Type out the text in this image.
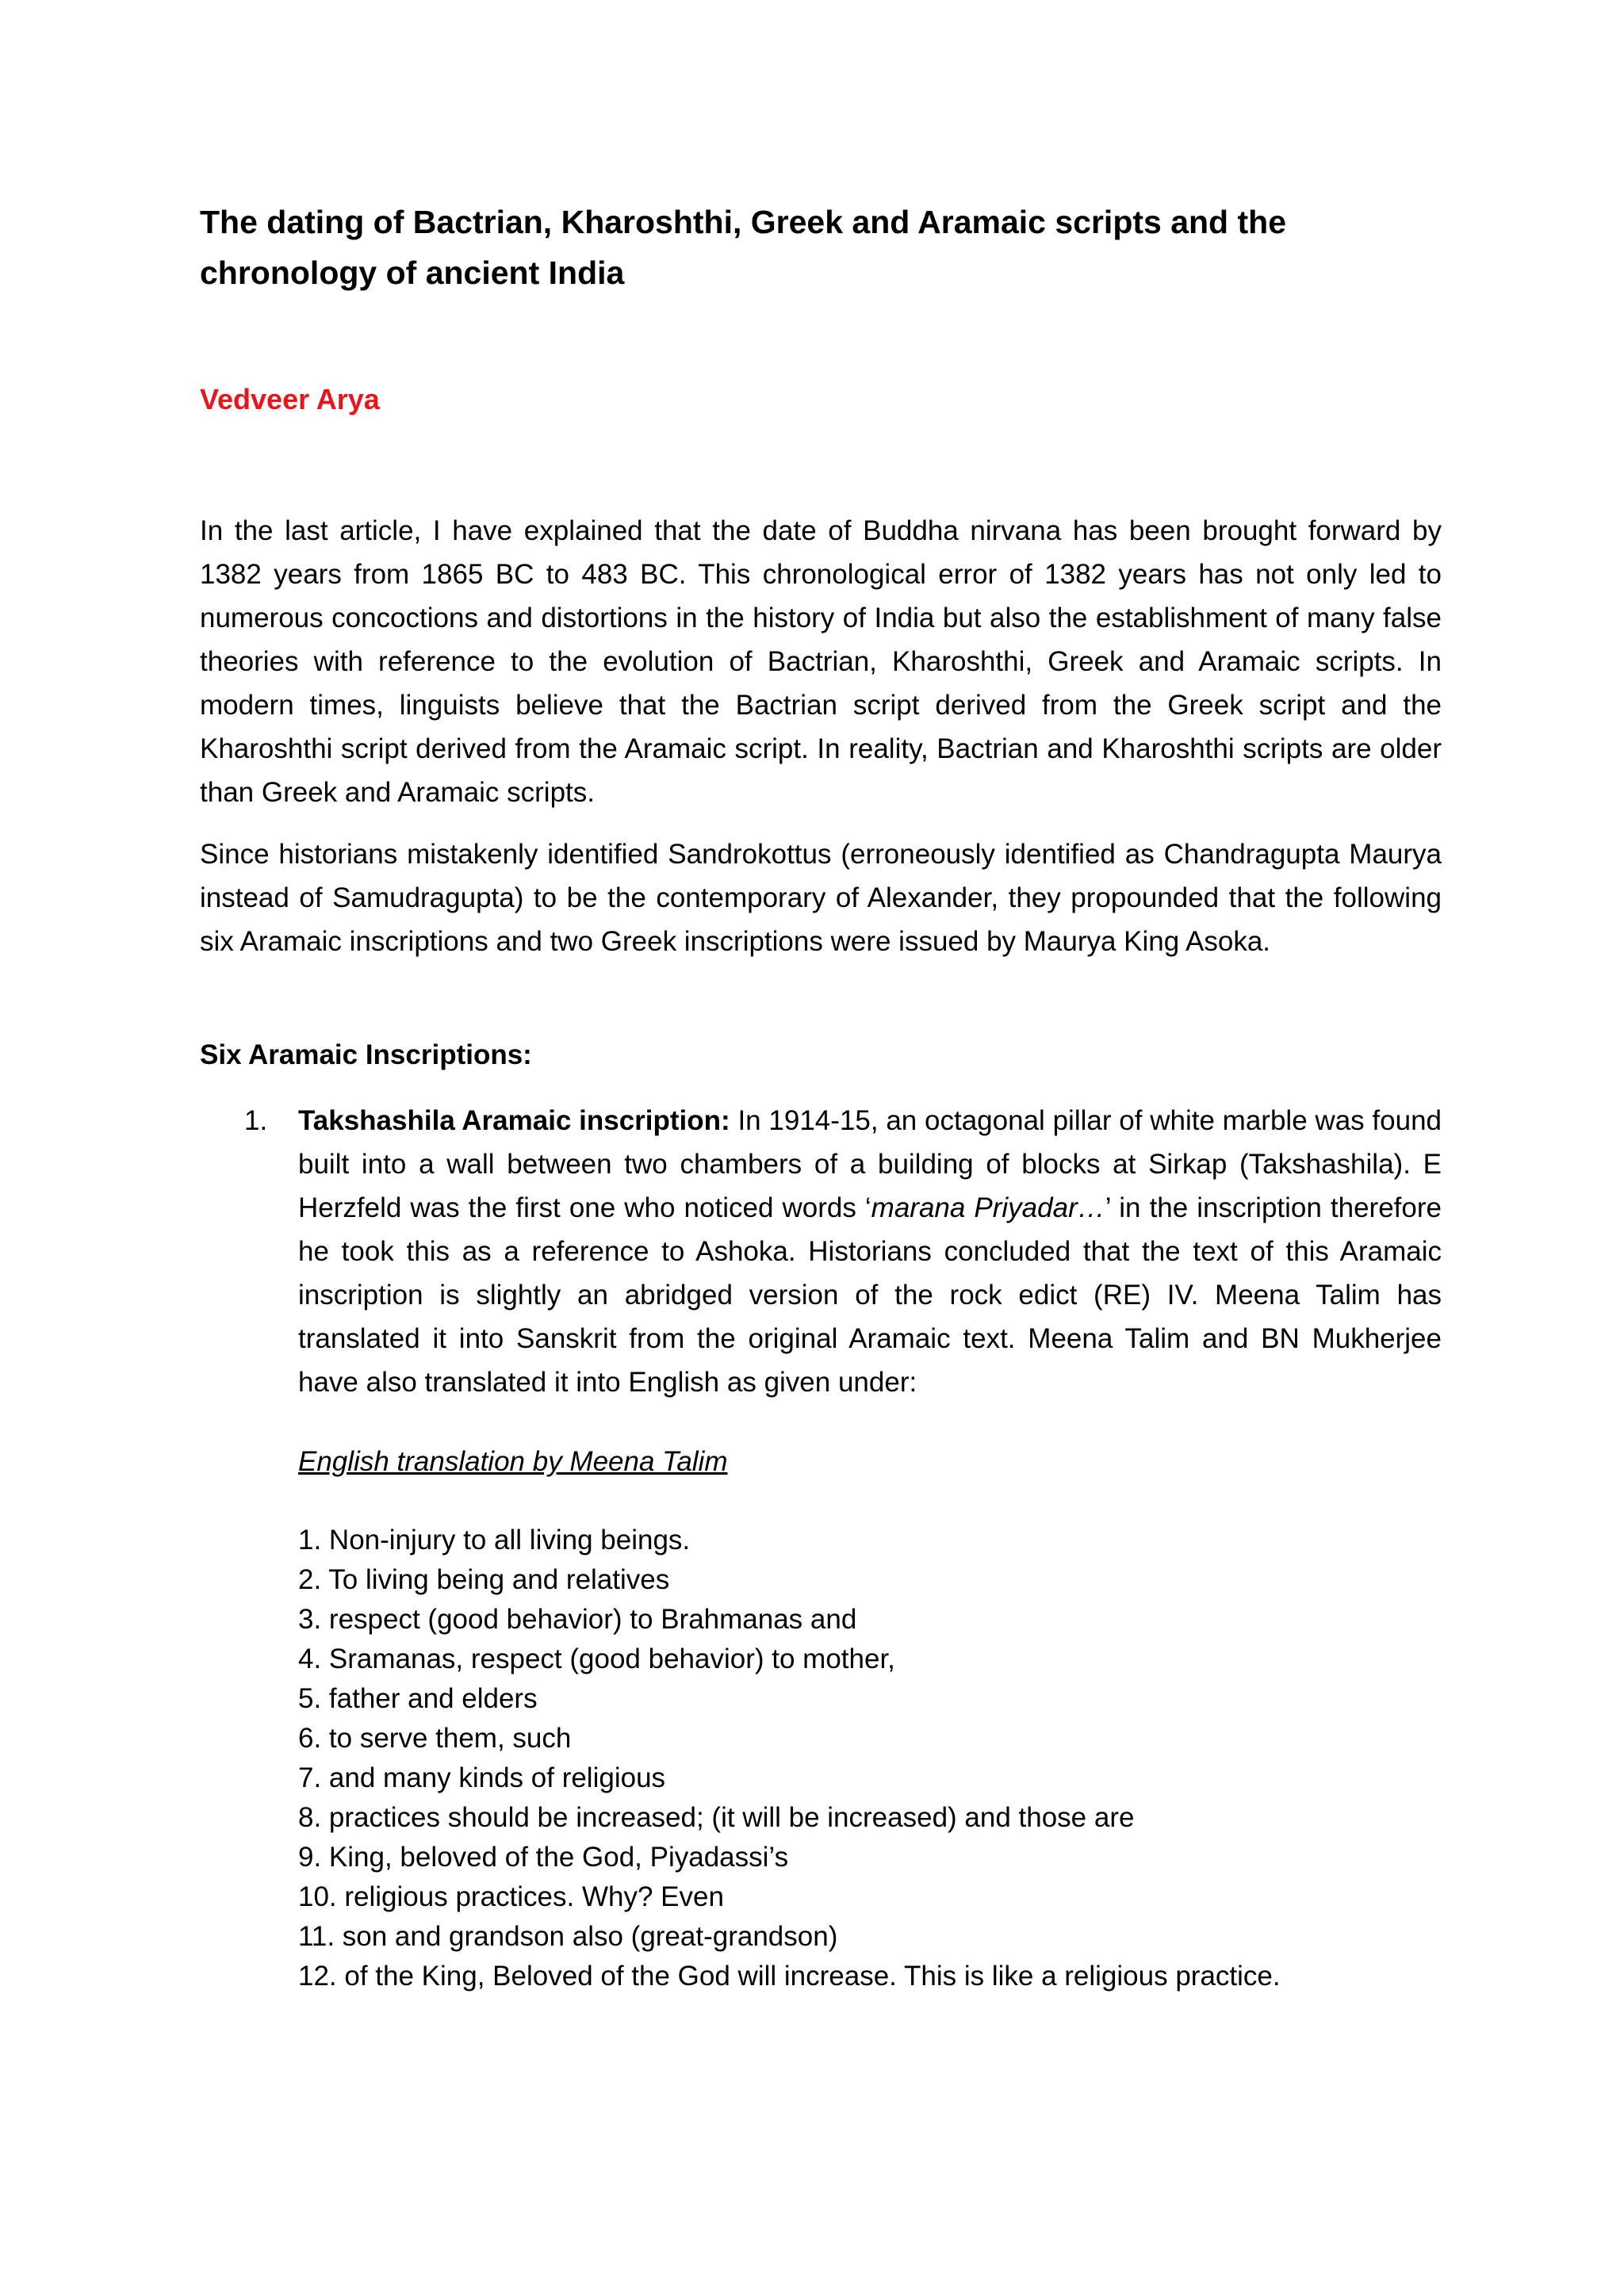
The dating of Bactrian, Kharoshthi, Greek and Aramaic scripts and the chronology of ancient India

Vedveer Arya

In the last article, I have explained that the date of Buddha nirvana has been brought forward by 1382 years from 1865 BC to 483 BC. This chronological error of 1382 years has not only led to numerous concoctions and distortions in the history of India but also the establishment of many false theories with reference to the evolution of Bactrian, Kharoshthi, Greek and Aramaic scripts. In modern times, linguists believe that the Bactrian script derived from the Greek script and the Kharoshthi script derived from the Aramaic script. In reality, Bactrian and Kharoshthi scripts are older than Greek and Aramaic scripts.

Since historians mistakenly identified Sandrokottus (erroneously identified as Chandragupta Maurya instead of Samudragupta) to be the contemporary of Alexander, they propounded that the following six Aramaic inscriptions and two Greek inscriptions were issued by Maurya King Asoka.

Six Aramaic Inscriptions:

1. Takshashila Aramaic inscription: In 1914-15, an octagonal pillar of white marble was found built into a wall between two chambers of a building of blocks at Sirkap (Takshashila). E Herzfeld was the first one who noticed words ‘marana Priyadar…’ in the inscription therefore he took this as a reference to Ashoka. Historians concluded that the text of this Aramaic inscription is slightly an abridged version of the rock edict (RE) IV. Meena Talim has translated it into Sanskrit from the original Aramaic text. Meena Talim and BN Mukherjee have also translated it into English as given under:

English translation by Meena Talim

1. Non-injury to all living beings.
2. To living being and relatives
3. respect (good behavior) to Brahmanas and
4. Sramanas, respect (good behavior) to mother,
5. father and elders
6. to serve them, such
7. and many kinds of religious
8. practices should be increased; (it will be increased) and those are
9. King, beloved of the God, Piyadassi’s
10. religious practices. Why? Even
11. son and grandson also (great-grandson)
12. of the King, Beloved of the God will increase. This is like a religious practice.
